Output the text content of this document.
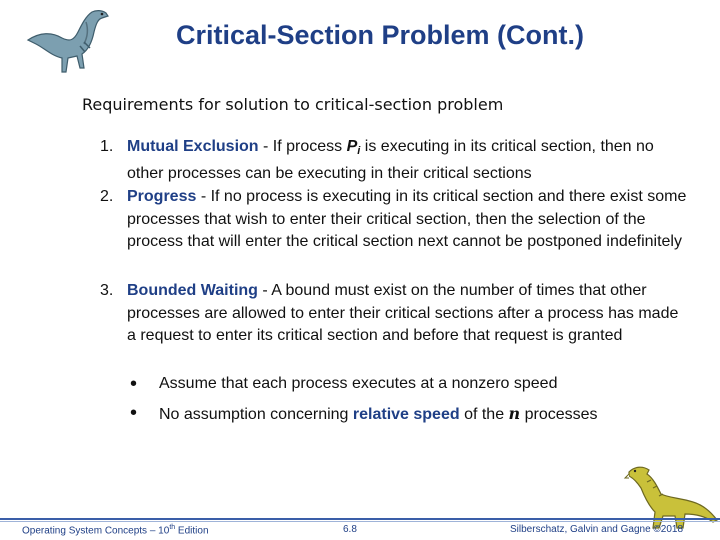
Critical-Section Problem (Cont.)
Requirements for solution to critical-section problem
1. Mutual Exclusion - If process $P_i$ is executing in its critical section, then no other processes can be executing in their critical sections
2. Progress - If no process is executing in its critical section and there exist some processes that wish to enter their critical section, then the selection of the process that will enter the critical section next cannot be postponed indefinitely
3. Bounded Waiting - A bound must exist on the number of times that other processes are allowed to enter their critical sections after a process has made a request to enter its critical section and before that request is granted
• Assume that each process executes at a nonzero speed
• No assumption concerning relative speed of the n processes
Operating System Concepts – 10th Edition	6.8	Silberschatz, Galvin and Gagne ©2018
